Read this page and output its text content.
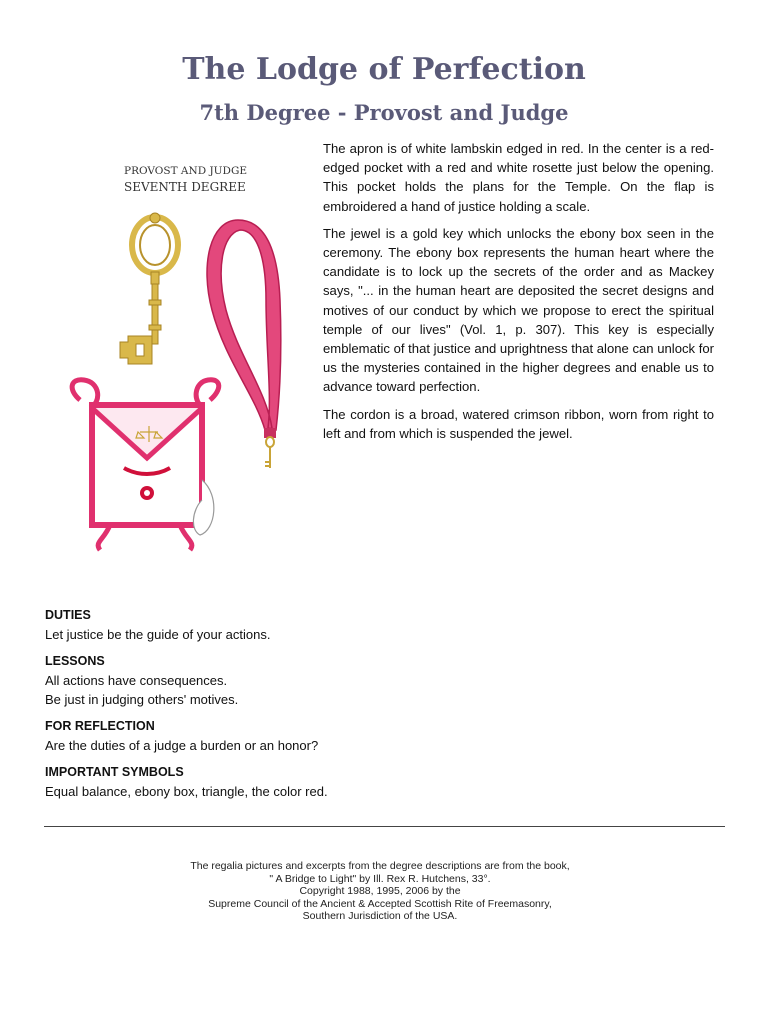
The Lodge of Perfection
7th Degree - Provost and Judge
PROVOST AND JUDGE
SEVENTH DEGREE

The apron is of white lambskin edged in red. In the center is a red-edged pocket with a red and white rosette just below the opening. This pocket holds the plans for the Temple. On the flap is embroidered a hand of justice holding a scale.

The jewel is a gold key which unlocks the ebony box seen in the ceremony. The ebony box represents the human heart where the candidate is to lock up the secrets of the order and as Mackey says, "... in the human heart are deposited the secret designs and motives of our conduct by which we propose to erect the spiritual temple of our lives" (Vol. 1, p. 307). This key is especially emblematic of that justice and uprightness that alone can unlock for us the mysteries contained in the higher degrees and enable us to advance toward perfection.

The cordon is a broad, watered crimson ribbon, worn from right to left and from which is suspended the jewel.

DUTIES
Let justice be the guide of your actions.
LESSONS
All actions have consequences.
Be just in judging others' motives.
FOR REFLECTION
Are the duties of a judge a burden or an honor?
IMPORTANT SYMBOLS
Equal balance, ebony box, triangle, the color red.
The regalia pictures and excerpts from the degree descriptions are from the book,
" A Bridge to Light" by Ill. Rex R. Hutchens, 33°.
Copyright 1988, 1995, 2006 by the
Supreme Council of the Ancient & Accepted Scottish Rite of Freemasonry,
Southern Jurisdiction of the USA.
